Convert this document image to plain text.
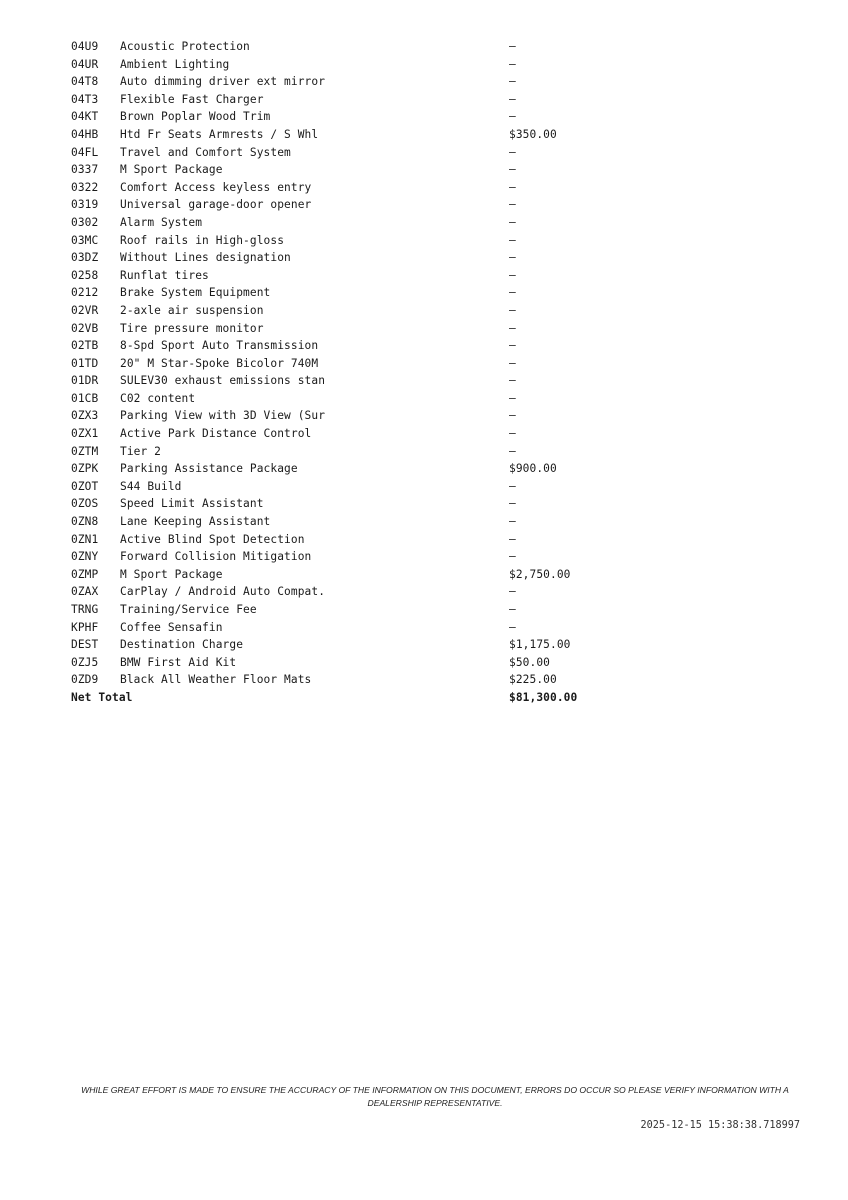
04U9	Acoustic Protection	—
04UR	Ambient Lighting	—
04T8	Auto dimming driver ext mirror	—
04T3	Flexible Fast Charger	—
04KT	Brown Poplar Wood Trim	—
04HB	Htd Fr Seats Armrests / S Whl	$350.00
04FL	Travel and Comfort System	—
0337	M Sport Package	—
0322	Comfort Access keyless entry	—
0319	Universal garage-door opener	—
0302	Alarm System	—
03MC	Roof rails in High-gloss	—
03DZ	Without Lines designation	—
0258	Runflat tires	—
0212	Brake System Equipment	—
02VR	2-axle air suspension	—
02VB	Tire pressure monitor	—
02TB	8-Spd Sport Auto Transmission	—
01TD	20" M Star-Spoke Bicolor 740M	—
01DR	SULEV30 exhaust emissions stan	—
01CB	C02 content	—
0ZX3	Parking View with 3D View (Sur	—
0ZX1	Active Park Distance Control	—
0ZTM	Tier 2	—
0ZPK	Parking Assistance Package	$900.00
0ZOT	S44 Build	—
0ZOS	Speed Limit Assistant	—
0ZN8	Lane Keeping Assistant	—
0ZN1	Active Blind Spot Detection	—
0ZNY	Forward Collision Mitigation	—
0ZMP	M Sport Package	$2,750.00
0ZAX	CarPlay / Android Auto Compat.	—
TRNG	Training/Service Fee	—
KPHF	Coffee Sensafin	—
DEST	Destination Charge	$1,175.00
0ZJ5	BMW First Aid Kit	$50.00
0ZD9	Black All Weather Floor Mats	$225.00
Net Total	$81,300.00
WHILE GREAT EFFORT IS MADE TO ENSURE THE ACCURACY OF THE INFORMATION ON THIS DOCUMENT, ERRORS DO OCCUR SO PLEASE VERIFY INFORMATION WITH A DEALERSHIP REPRESENTATIVE.
2025-12-15 15:38:38.718997
